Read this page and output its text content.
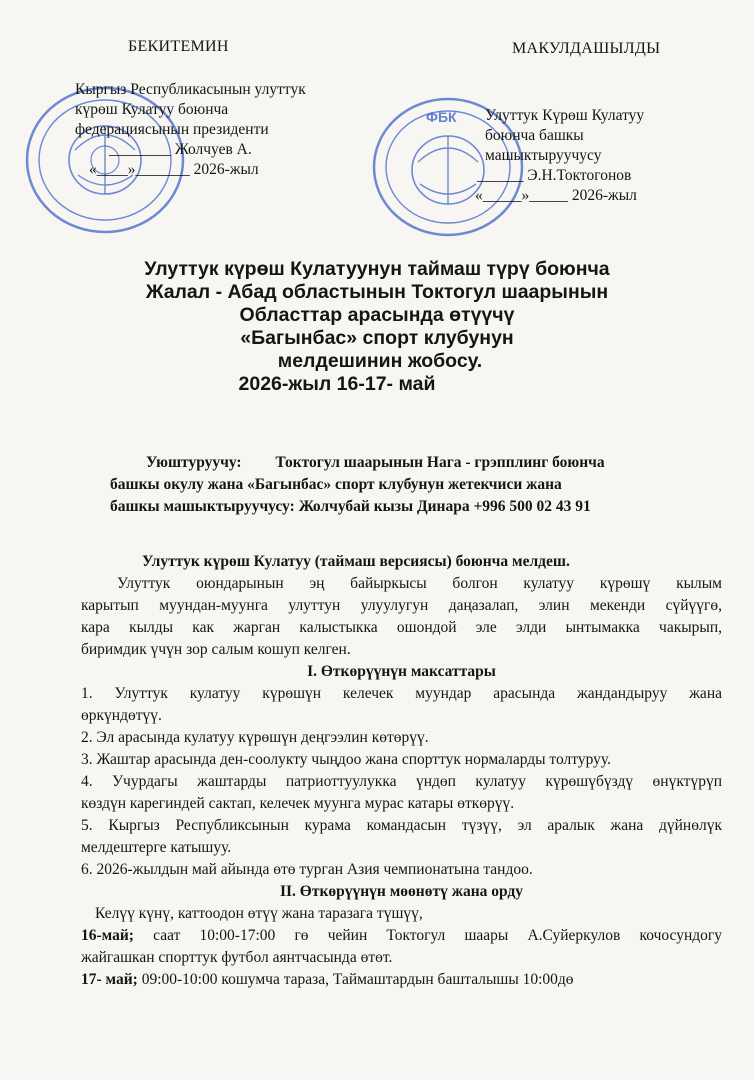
ФБК
БЕКИТЕМИН
Кыргыз Республикасынын улуттук
күрөш Кулатуу боюнча
федерациясынын президенти
________ Жолчуев А.
«____»_______ 2026-жыл
МАКУЛДАШЫЛДЫ
Улуттук Күрөш Кулатуу
боюнча башкы
машыктыруучусу
______ Э.Н.Токтогонов
«_____»_____ 2026-жыл
Улуттук күрөш Кулатуунун таймаш түрү боюнча
Жалал - Абад областынын Токтогул шаарынын
Областтар арасында өтүүчү
«Багынбас» спорт клубунун
мелдешинин жобосу.
2026-жыл 16-17- май
Уюштуруучу: Токтогул шаарынын Нага - грэпплинг боюнча
башкы окулу жана «Багынбас» спорт клубунун жетекчиси жана
башкы машыктыруучусу: Жолчубай кызы Динара +996 500 02 43 91
Улуттук күрөш Кулатуу (таймаш версиясы) боюнча мелдеш.
Улуттук оюндарынын эң байыркысы болгон кулатуу күрөшү кылым
карытып муундан-муунга улуттун улуулугун даңазалап, элин мекенди сүйүүгө,
кара кылды как жарган калыстыкка ошондой эле элди ынтымакка чакырып,
биримдик үчүн зор салым кошуп келген.
I. Өткөрүүнүн максаттары
1. Улуттук кулатуу күрөшүн келечек муундар арасында жандандыруу жана
өркүндөтүү.
2. Эл арасында кулатуу күрөшүн деңгээлин көтөрүү.
3. Жаштар арасында ден-соолукту чыңдоо жана спорттук нормаларды толтуруу.
4. Учурдагы жаштарды патриоттуулукка үндөп кулатуу күрөшүбүздү өнүктүрүп
көздүн карегиндей сактап, келечек муунга мурас катары өткөрүү.
5. Кыргыз Республиксынын курама командасын түзүү, эл аралык жана дүйнөлүк
мелдештерге катышуу.
6. 2026-жылдын май айында өтө турган Азия чемпионатына тандоо.
II. Өткөрүүнүн мөөнөтү жана орду
Келүү күнү, каттоодон өтүү жана таразага түшүү,
16-май; саат 10:00-17:00 гө чейин Токтогул шаары А.Суйеркулов кочосундогу
жайгашкан спорттук футбол аянтчасында өтөт.
17- май; 09:00-10:00 кошумча тараза, Таймаштардын башталышы 10:00дө
